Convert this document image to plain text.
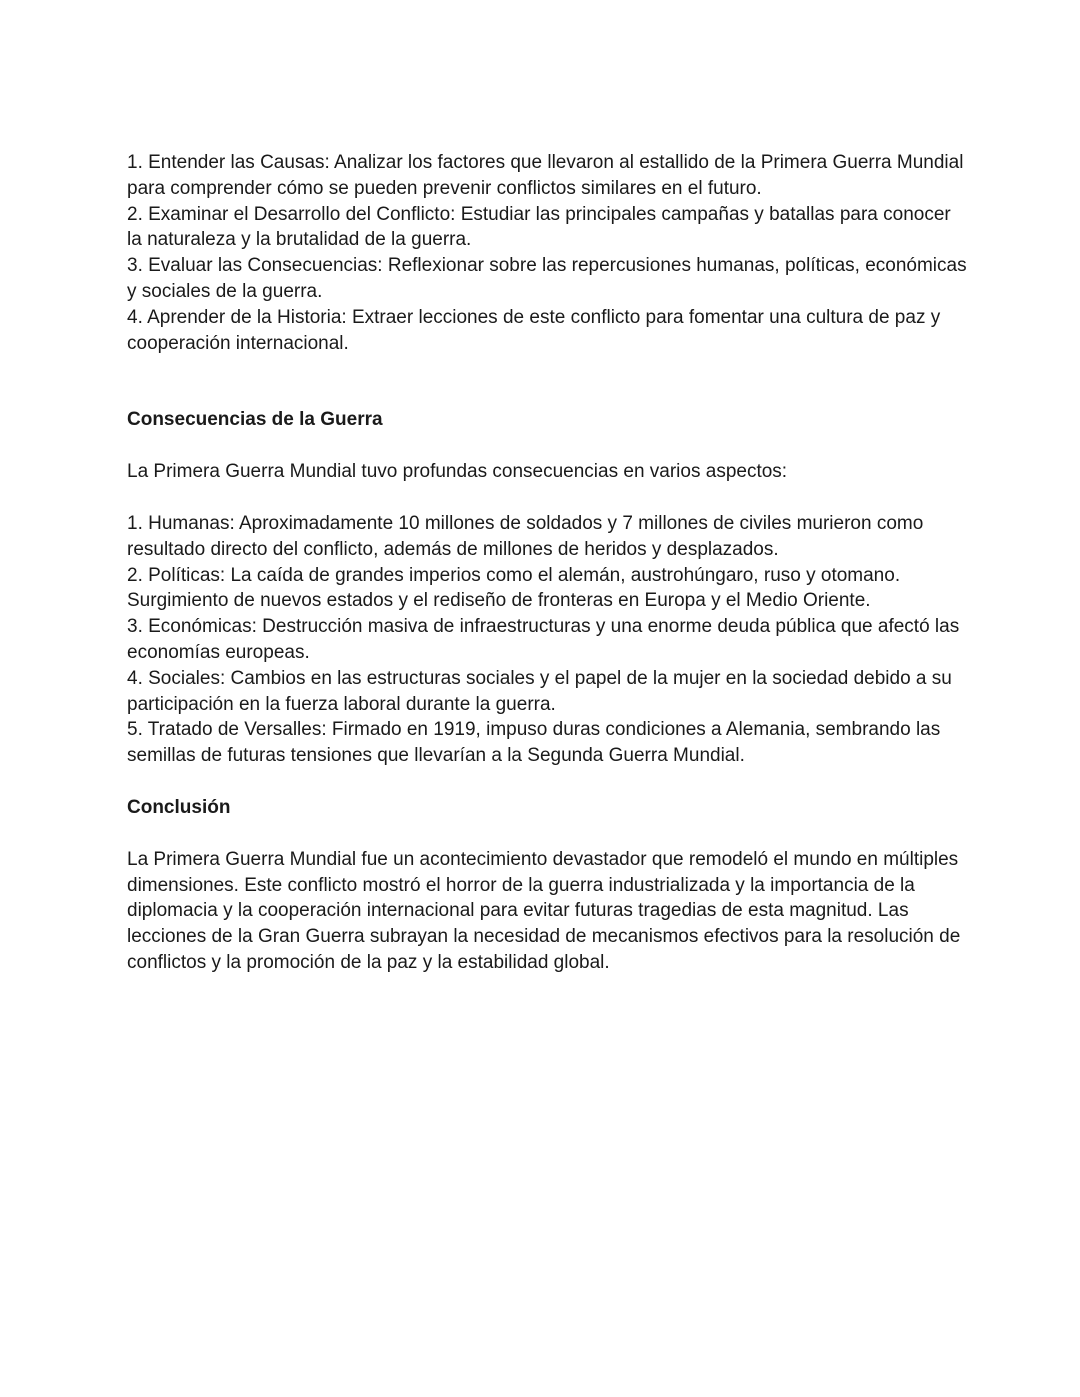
1. Entender las Causas: Analizar los factores que llevaron al estallido de la Primera Guerra Mundial para comprender cómo se pueden prevenir conflictos similares en el futuro.
2. Examinar el Desarrollo del Conflicto: Estudiar las principales campañas y batallas para conocer la naturaleza y la brutalidad de la guerra.
3. Evaluar las Consecuencias: Reflexionar sobre las repercusiones humanas, políticas, económicas y sociales de la guerra.
4. Aprender de la Historia: Extraer lecciones de este conflicto para fomentar una cultura de paz y cooperación internacional.

Consecuencias de la Guerra

La Primera Guerra Mundial tuvo profundas consecuencias en varios aspectos:

1. Humanas: Aproximadamente 10 millones de soldados y 7 millones de civiles murieron como resultado directo del conflicto, además de millones de heridos y desplazados.
2. Políticas: La caída de grandes imperios como el alemán, austrohúngaro, ruso y otomano. Surgimiento de nuevos estados y el rediseño de fronteras en Europa y el Medio Oriente.
3. Económicas: Destrucción masiva de infraestructuras y una enorme deuda pública que afectó las economías europeas.
4. Sociales: Cambios en las estructuras sociales y el papel de la mujer en la sociedad debido a su participación en la fuerza laboral durante la guerra.
5. Tratado de Versalles: Firmado en 1919, impuso duras condiciones a Alemania, sembrando las semillas de futuras tensiones que llevarían a la Segunda Guerra Mundial.

Conclusión

La Primera Guerra Mundial fue un acontecimiento devastador que remodeló el mundo en múltiples dimensiones. Este conflicto mostró el horror de la guerra industrializada y la importancia de la diplomacia y la cooperación internacional para evitar futuras tragedias de esta magnitud. Las lecciones de la Gran Guerra subrayan la necesidad de mecanismos efectivos para la resolución de conflictos y la promoción de la paz y la estabilidad global.
